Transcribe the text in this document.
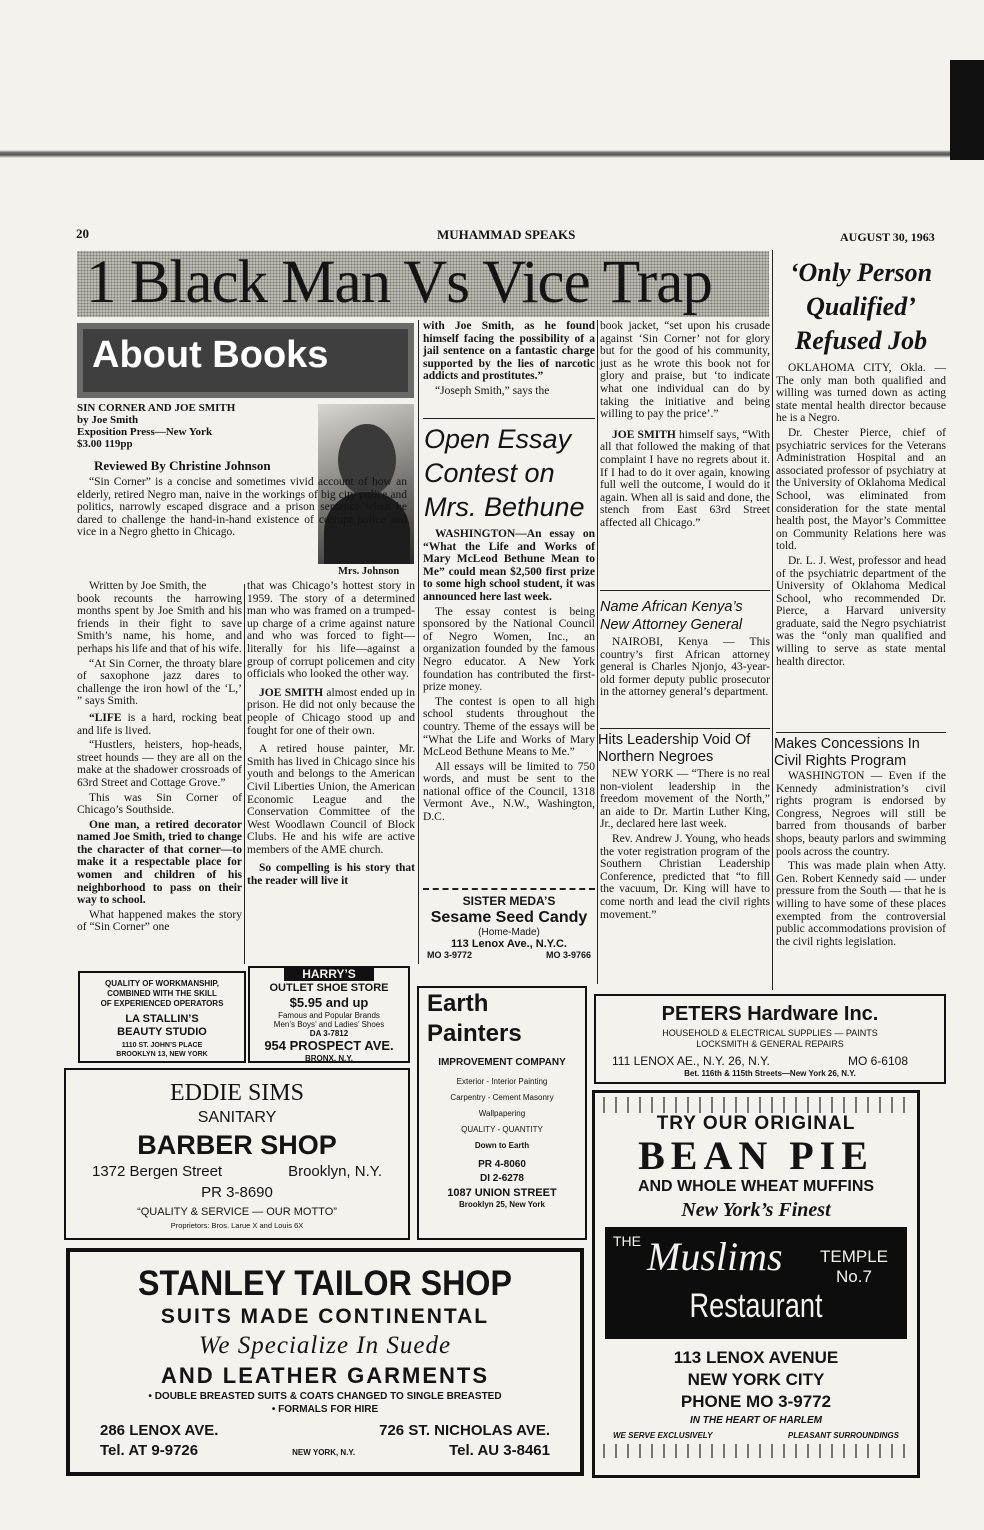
20	MUHAMMAD SPEAKS	AUGUST 30, 1963
1 Black Man Vs Vice Trap
About Books
SIN CORNER AND JOE SMITH
by Joe Smith
Exposition Press—New York
$3.00 119pp
Reviewed By Christine Johnson
Mrs. Johnson

“Sin Corner” is a concise and sometimes vivid account of how an elderly, retired Negro man, naive in the workings of big city police and politics, narrowly escaped disgrace and a prison sentence when he dared to challenge the hand-in-hand existence of corrupt police and vice in a Negro ghetto in Chicago.

Written by Joe Smith, the

book recounts the harrowing months spent by Joe Smith and his friends in their fight to save Smith’s name, his home, and perhaps his life and that of his wife.

“At Sin Corner, the throaty blare of saxophone jazz dares to challenge the iron howl of the ‘L,’ ” says Smith.

“LIFE is a hard, rocking beat and life is lived.

“Hustlers, heisters, hop-heads, street hounds — they are all on the make at the shadower crossroads of 63rd Street and Cottage Grove.”

This was Sin Corner of Chicago’s Southside.

One man, a retired decorator named Joe Smith, tried to change the character of that corner—to make it a respectable place for women and children of his neighborhood to pass on their way to school.

What happened makes the story of “Sin Corner” one

that was Chicago’s hottest story in 1959. The story of a determined man who was framed on a trumped-up charge of a crime against nature and who was forced to fight—literally for his life—against a group of corrupt policemen and city officials who looked the other way.

JOE SMITH almost ended up in prison. He did not only because the people of Chicago stood up and fought for one of their own.

A retired house painter, Mr. Smith has lived in Chicago since his youth and belongs to the American Civil Liberties Union, the American Economic League and the Conservation Committee of the West Woodlawn Council of Block Clubs. He and his wife are active members of the AME church.

So compelling is his story that the reader will live it

with Joe Smith, as he found himself facing the possibility of a jail sentence on a fantastic charge supported by the lies of narcotic addicts and prostitutes.”

“Joseph Smith,” says the

Open Essay Contest on Mrs. Bethune

WASHINGTON—An essay on “What the Life and Works of Mary McLeod Bethune Mean to Me” could mean $2,500 first prize to some high school student, it was announced here last week.

The essay contest is being sponsored by the National Council of Negro Women, Inc., an organization founded by the famous Negro educator. A New York foundation has contributed the first-prize money.

The contest is open to all high school students throughout the country. Theme of the essays will be “What the Life and Works of Mary McLeod Bethune Means to Me.”

All essays will be limited to 750 words, and must be sent to the national office of the Council, 1318 Vermont Ave., N.W., Washington, D.C.

SISTER MEDA’S
Sesame Seed Candy
(Home-Made)
113 Lenox Ave., N.Y.C.
MO 3-9772	MO 3-9766

book jacket, “set upon his crusade against ‘Sin Corner’ not for glory but for the good of his community, just as he wrote this book not for glory and praise, but ‘to indicate what one individual can do by taking the initiative and being willing to pay the price’.”

JOE SMITH himself says, “With all that followed the making of that complaint I have no regrets about it. If I had to do it over again, knowing full well the outcome, I would do it again. When all is said and done, the stench from East 63rd Street affected all Chicago.”

Name African Kenya’s New Attorney General

NAIROBI, Kenya — This country’s first African attorney general is Charles Njonjo, 43-year-old former deputy public prosecutor in the attorney general’s department.

Hits Leadership Void Of Northern Negroes

NEW YORK — “There is no real non-violent leadership in the freedom movement of the North,” an aide to Dr. Martin Luther King, Jr., declared here last week.

Rev. Andrew J. Young, who heads the voter registration program of the Southern Christian Leadership Conference, predicted that “to fill the vacuum, Dr. King will have to come north and lead the civil rights movement.”

‘Only Person Qualified’ Refused Job

OKLAHOMA CITY, Okla. — The only man both qualified and willing was turned down as acting state mental health director because he is a Negro.

Dr. Chester Pierce, chief of psychiatric services for the Veterans Administration Hospital and an associated professor of psychiatry at the University of Oklahoma Medical School, was eliminated from consideration for the state mental health post, the Mayor’s Committee on Community Relations here was told.

Dr. L. J. West, professor and head of the psychiatric department of the University of Oklahoma Medical School, who recommended Dr. Pierce, a Harvard university graduate, said the Negro psychiatrist was the “only man qualified and willing to serve as state mental health director.

Makes Concessions In Civil Rights Program

WASHINGTON — Even if the Kennedy administration’s civil rights program is endorsed by Congress, Negroes will still be barred from thousands of barber shops, beauty parlors and swimming pools across the country.

This was made plain when Atty. Gen. Robert Kennedy said — under pressure from the South — that he is willing to have some of these places exempted from the controversial public accommodations provision of the civil rights legislation.

QUALITY OF WORKMANSHIP,
COMBINED WITH THE SKILL
OF EXPERIENCED OPERATORS
LA STALLIN’S
BEAUTY STUDIO
1110 ST. JOHN’S PLACE
BROOKLYN 13, NEW YORK
HARRY’S
OUTLET SHOE STORE
$5.95 and up
Famous and Popular Brands
Men’s Boys’ and Ladies’ Shoes
DA 3-7812
954 PROSPECT AVE.
BRONX, N.Y.
Earth
Painters
IMPROVEMENT COMPANY
Exterior - Interior Painting
Carpentry - Cement Masonry
Wallpapering
QUALITY - QUANTITY
Down to Earth
PR 4-8060
DI 2-6278
1087 UNION STREET
Brooklyn 25, New York
PETERS Hardware Inc.
HOUSEHOLD & ELECTRICAL SUPPLIES — PAINTS
LOCKSMITH & GENERAL REPAIRS
111 LENOX AE., N.Y. 26, N.Y.	MO 6-6108
Bet. 116th & 115th Streets—New York 26, N.Y.
EDDIE SIMS
SANITARY
BARBER SHOP
1372 Bergen Street	Brooklyn, N.Y.
PR 3-8690
“QUALITY & SERVICE — OUR MOTTO”
Proprietors: Bros. Larue X and Louis 6X
TRY OUR ORIGINAL
BEAN PIE
AND WHOLE WHEAT MUFFINS
New York’s Finest
THE Muslims	TEMPLE No.7
Restaurant
113 LENOX AVENUE
NEW YORK CITY
PHONE MO 3-9772
IN THE HEART OF HARLEM
WE SERVE EXCLUSIVELY	PLEASANT SURROUNDINGS
STANLEY TAILOR SHOP
SUITS MADE CONTINENTAL
We Specialize In Suede
AND LEATHER GARMENTS
• DOUBLE BREASTED SUITS & COATS CHANGED TO SINGLE BREASTED
• FORMALS FOR HIRE
286 LENOX AVE.	726 ST. NICHOLAS AVE.
Tel. AT 9-9726	NEW YORK, N.Y.	Tel. AU 3-8461
